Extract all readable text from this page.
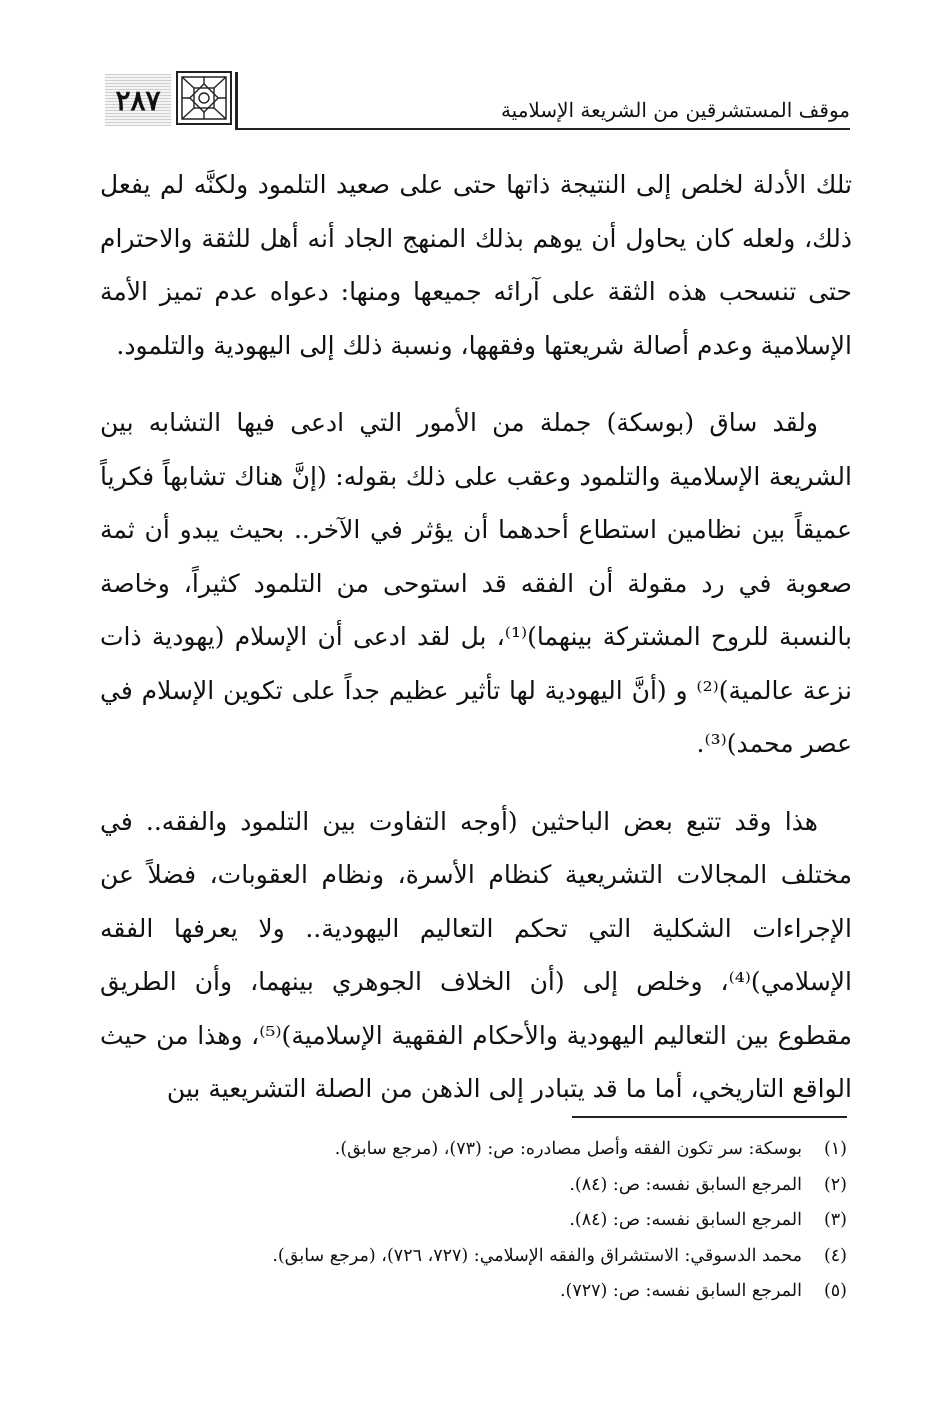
٢٨٧	موقف المستشرقين من الشريعة الإسلامية

تلك الأدلة لخلص إلى النتيجة ذاتها حتى على صعيد التلمود ولكنَّه لم يفعل ذلك، ولعله كان يحاول أن يوهم بذلك المنهج الجاد أنه أهل للثقة والاحترام حتى تنسحب هذه الثقة على آرائه جميعها ومنها: دعواه عدم تميز الأمة الإسلامية وعدم أصالة شريعتها وفقهها، ونسبة ذلك إلى اليهودية والتلمود.

ولقد ساق (بوسكة) جملة من الأمور التي ادعى فيها التشابه بين الشريعة الإسلامية والتلمود وعقب على ذلك بقوله: (إنَّ هناك تشابهاً فكرياً عميقاً بين نظامين استطاع أحدهما أن يؤثر في الآخر.. بحيث يبدو أن ثمة صعوبة في رد مقولة أن الفقه قد استوحى من التلمود كثيراً، وخاصة بالنسبة للروح المشتركة بينهما)⁽¹⁾، بل لقد ادعى أن الإسلام (يهودية ذات نزعة عالمية)⁽²⁾ و (أنَّ اليهودية لها تأثير عظيم جداً على تكوين الإسلام في عصر محمد)⁽³⁾.

هذا وقد تتبع بعض الباحثين (أوجه التفاوت بين التلمود والفقه.. في مختلف المجالات التشريعية كنظام الأسرة، ونظام العقوبات، فضلاً عن الإجراءات الشكلية التي تحكم التعاليم اليهودية.. ولا يعرفها الفقه الإسلامي)⁽⁴⁾، وخلص إلى (أن الخلاف الجوهري بينهما، وأن الطريق مقطوع بين التعاليم اليهودية والأحكام الفقهية الإسلامية)⁽⁵⁾، وهذا من حيث الواقع التاريخي، أما ما قد يتبادر إلى الذهن من الصلة التشريعية بين

(١)بوسكة: سر تكون الفقه وأصل مصادره: ص: (٧٣)، (مرجع سابق).
(٢)المرجع السابق نفسه: ص: (٨٤).
(٣)المرجع السابق نفسه: ص: (٨٤).
(٤)محمد الدسوقي: الاستشراق والفقه الإسلامي: (٧٢٧، ٧٢٦)، (مرجع سابق).
(٥)المرجع السابق نفسه: ص: (٧٢٧).
